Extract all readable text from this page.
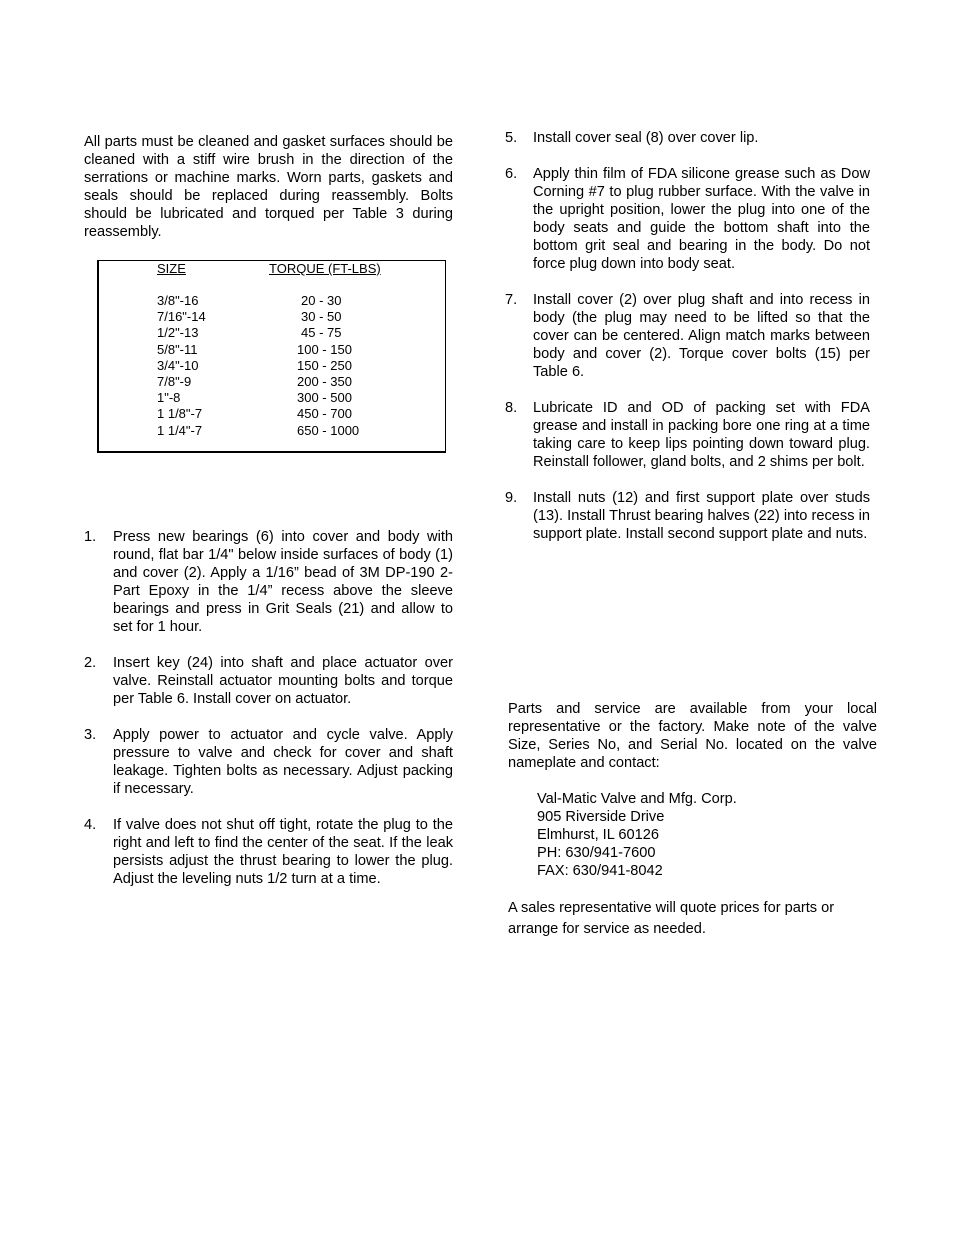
All parts must be cleaned and gasket surfaces should be cleaned with a stiff wire brush in the direction of the serrations or machine marks. Worn parts, gaskets and seals should be replaced during reassembly. Bolts should be lubricated and torqued per Table 3 during reassembly.

SIZE	TORQUE (FT-LBS)
3/8"-16	20 - 30
7/16"-14	30 - 50
1/2"-13	45 - 75
5/8"-11	100 - 150
3/4"-10	150 - 250
7/8"-9	200 - 350
1"-8	300 - 500
1 1/8"-7	450 - 700
1 1/4"-7	650 - 1000
1. Press new bearings (6) into cover and body with round, flat bar 1/4" below inside surfaces of body (1) and cover (2). Apply a 1/16” bead of 3M DP-190 2-Part Epoxy in the 1/4” recess above the sleeve bearings and press in Grit Seals (21) and allow to set for 1 hour.

2. Insert key (24) into shaft and place actuator over valve. Reinstall actuator mounting bolts and torque per Table 6. Install cover on actuator.

3. Apply power to actuator and cycle valve. Apply pressure to valve and check for cover and shaft leakage. Tighten bolts as necessary. Adjust packing if necessary.

4. If valve does not shut off tight, rotate the plug to the right and left to find the center of the seat. If the leak persists adjust the thrust bearing to lower the plug. Adjust the leveling nuts 1/2 turn at a time.

5. Install cover seal (8) over cover lip.

6. Apply thin film of FDA silicone grease such as Dow Corning #7 to plug rubber surface. With the valve in the upright position, lower the plug into one of the body seats and guide the bottom shaft into the bottom grit seal and bearing in the body. Do not force plug down into body seat.

7. Install cover (2) over plug shaft and into recess in body (the plug may need to be lifted so that the cover can be centered. Align match marks between body and cover (2). Torque cover bolts (15) per Table 6.

8. Lubricate ID and OD of packing set with FDA grease and install in packing bore one ring at a time taking care to keep lips pointing down toward plug. Reinstall follower, gland bolts, and 2 shims per bolt.

9. Install nuts (12) and first support plate over studs (13). Install Thrust bearing halves (22) into recess in support plate. Install second support plate and nuts.

Parts and service are available from your local representative or the factory. Make note of the valve Size, Series No, and Serial No. located on the valve nameplate and contact:

Val-Matic Valve and Mfg. Corp.
905 Riverside Drive
Elmhurst, IL 60126
PH: 630/941-7600
FAX: 630/941-8042

A sales representative will quote prices for parts or arrange for service as needed.
